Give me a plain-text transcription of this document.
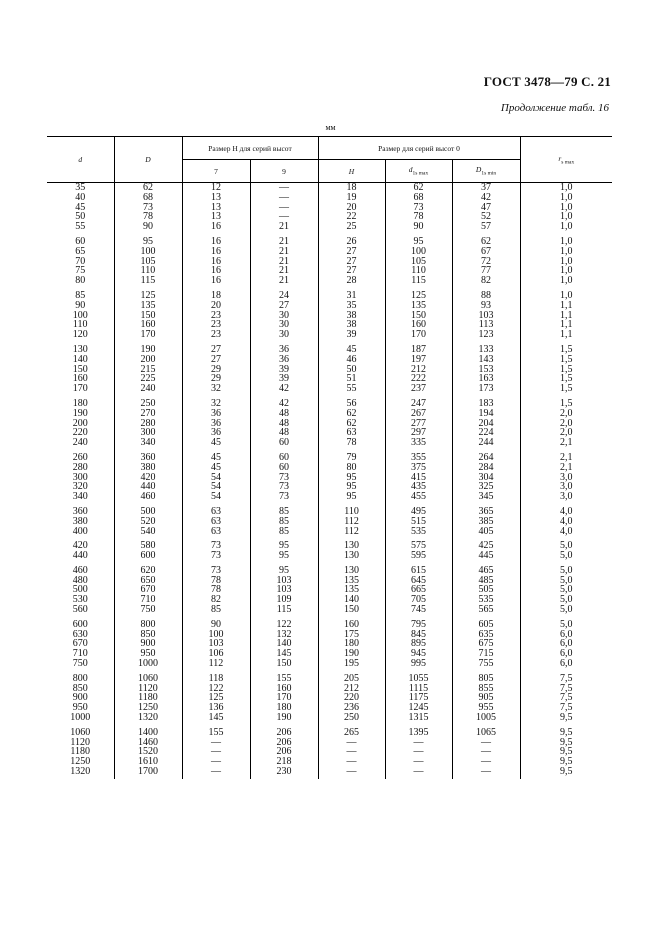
ГОСТ 3478—79 С. 21
Продолжение табл. 16
мм
d	D	Размер H для серий высот		Размер для серий высот 0			$r_{s max}$
		7	9	H	$d_{1s max}$	$D_{1s min}$
35	62	12	—	18	62	37	1,0
40	68	13	—	19	68	42	1,0
45	73	13	—	20	73	47	1,0
50	78	13	—	22	78	52	1,0
55	90	16	21	25	90	57	1,0
60	95	16	21	26	95	62	1,0
65	100	16	21	27	100	67	1,0
70	105	16	21	27	105	72	1,0
75	110	16	21	27	110	77	1,0
80	115	16	21	28	115	82	1,0
85	125	18	24	31	125	88	1,0
90	135	20	27	35	135	93	1,1
100	150	23	30	38	150	103	1,1
110	160	23	30	38	160	113	1,1
120	170	23	30	39	170	123	1,1
130	190	27	36	45	187	133	1,5
140	200	27	36	46	197	143	1,5
150	215	29	39	50	212	153	1,5
160	225	29	39	51	222	163	1,5
170	240	32	42	55	237	173	1,5
180	250	32	42	56	247	183	1,5
190	270	36	48	62	267	194	2,0
200	280	36	48	62	277	204	2,0
220	300	36	48	63	297	224	2,0
240	340	45	60	78	335	244	2,1
260	360	45	60	79	355	264	2,1
280	380	45	60	80	375	284	2,1
300	420	54	73	95	415	304	3,0
320	440	54	73	95	435	325	3,0
340	460	54	73	95	455	345	3,0
360	500	63	85	110	495	365	4,0
380	520	63	85	112	515	385	4,0
400	540	63	85	112	535	405	4,0
420	580	73	95	130	575	425	5,0
440	600	73	95	130	595	445	5,0
460	620	73	95	130	615	465	5,0
480	650	78	103	135	645	485	5,0
500	670	78	103	135	665	505	5,0
530	710	82	109	140	705	535	5,0
560	750	85	115	150	745	565	5,0
600	800	90	122	160	795	605	5,0
630	850	100	132	175	845	635	6,0
670	900	103	140	180	895	675	6,0
710	950	106	145	190	945	715	6,0
750	1000	112	150	195	995	755	6,0
800	1060	118	155	205	1055	805	7,5
850	1120	122	160	212	1115	855	7,5
900	1180	125	170	220	1175	905	7,5
950	1250	136	180	236	1245	955	7,5
1000	1320	145	190	250	1315	1005	9,5
1060	1400	155	206	265	1395	1065	9,5
1120	1460	—	206	—	—	—	9,5
1180	1520	—	206	—	—	—	9,5
1250	1610	—	218	—	—	—	9,5
1320	1700	—	230	—	—	—	9,5
